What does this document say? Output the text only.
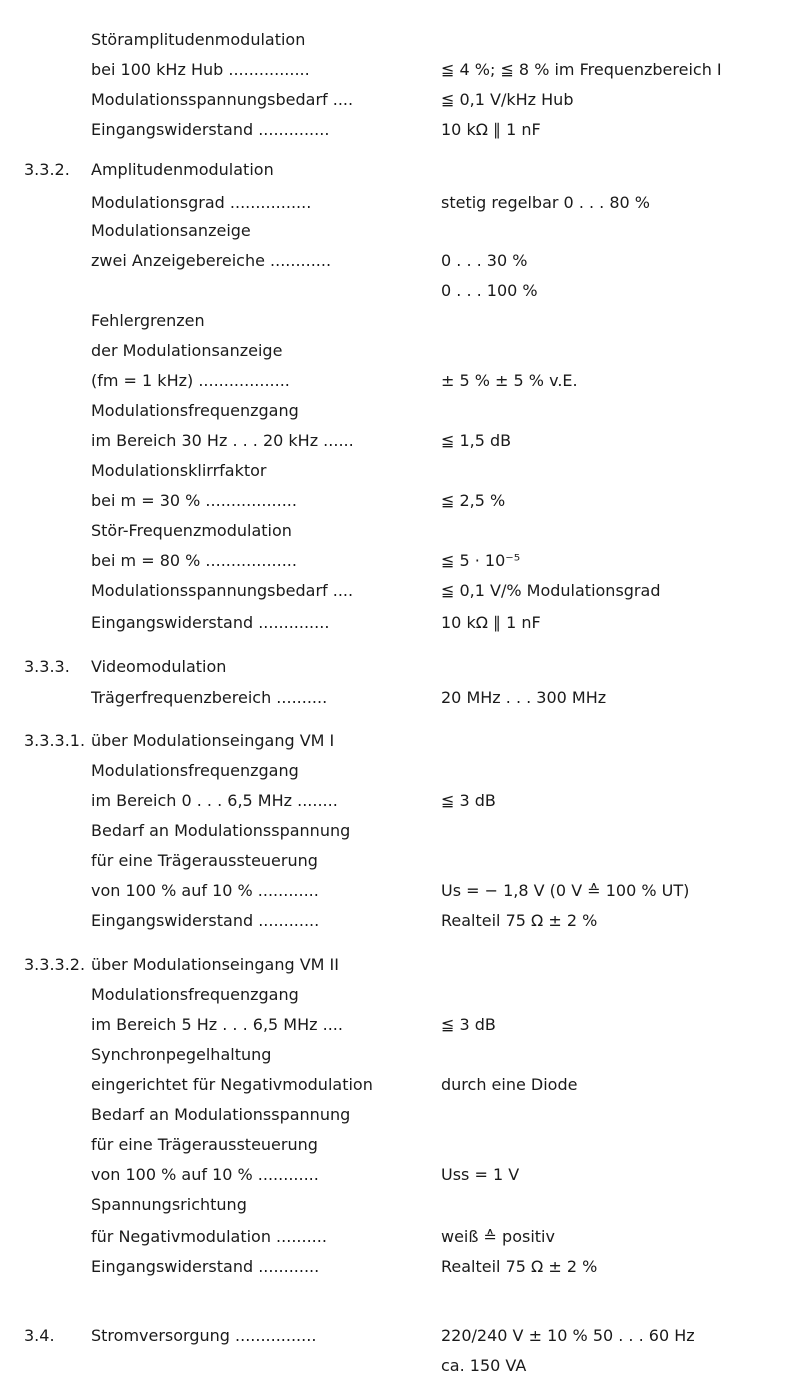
Störamplitudenmodulation
bei 100 kHz Hub ................	≦ 4 %; ≦ 8 % im Frequenzbereich I
Modulationsspannungsbedarf ....	≦ 0,1 V/kHz Hub
Eingangswiderstand ..............	10 kΩ ∥ 1 nF
3.3.2. Amplitudenmodulation
Modulationsgrad ................	stetig regelbar 0 . . . 80 %
Modulationsanzeige
zwei Anzeigebereiche ............	0 . . . 30 %
0 . . . 100 %
Fehlergrenzen
der Modulationsanzeige
(fm = 1 kHz) ..................	± 5 % ± 5 % v.E.
Modulationsfrequenzgang
im Bereich 30 Hz . . . 20 kHz ......	≦ 1,5 dB
Modulationsklirrfaktor
bei m = 30 % ..................	≦ 2,5 %
Stör-Frequenzmodulation
bei m = 80 % ..................	≦ 5 · 10⁻⁵
Modulationsspannungsbedarf ....	≦ 0,1 V/% Modulationsgrad
Eingangswiderstand ..............	10 kΩ ∥ 1 nF
3.3.3. Videomodulation
Trägerfrequenzbereich ..........	20 MHz . . . 300 MHz
3.3.3.1. über Modulationseingang VM I
Modulationsfrequenzgang
im Bereich 0 . . . 6,5 MHz ........	≦ 3 dB
Bedarf an Modulationsspannung
für eine Trägeraussteuerung
von 100 % auf 10 % ............	Us = − 1,8 V (0 V ≙ 100 % UT)
Eingangswiderstand ............	Realteil 75 Ω ± 2 %
3.3.3.2. über Modulationseingang VM II
Modulationsfrequenzgang
im Bereich 5 Hz . . . 6,5 MHz ....	≦ 3 dB
Synchronpegelhaltung
eingerichtet für Negativmodulation	durch eine Diode
Bedarf an Modulationsspannung
für eine Trägeraussteuerung
von 100 % auf 10 % ............	Uss = 1 V
Spannungsrichtung
für Negativmodulation ..........	weiß ≙ positiv
Eingangswiderstand ............	Realteil 75 Ω ± 2 %
3.4. Stromversorgung ................	220/240 V ± 10 % 50 . . . 60 Hz
ca. 150 VA
